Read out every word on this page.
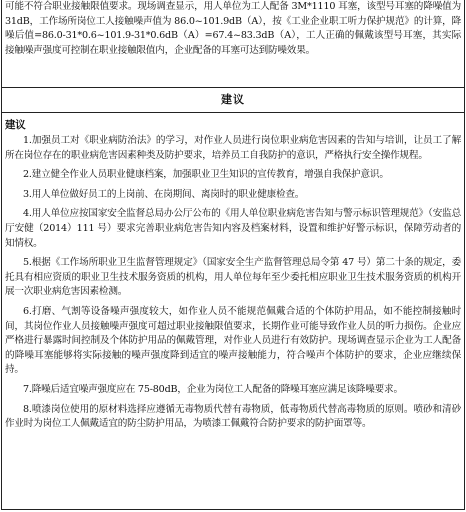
可能不符合职业接触限值要求。现场调查显示，用人单位为工人配备 3M*1110 耳塞，该型号耳塞的降噪值为 31dB，工作场所岗位工人接触噪声值为 86.0~101.9dB（A），按《工业企业职工听力保护规范》的计算，降噪后值=86.0-31*0.6~101.9-31*0.6dB（A）=67.4~83.3dB（A），工人正确的佩戴该型号耳塞，其实际接触噪声强度可控制在职业接触限值内，企业配备的耳塞可达到防噪效果。
建议
建议
1.加强员工对《职业病防治法》的学习，对作业人员进行岗位职业病危害因素的告知与培训，让员工了解所在岗位存在的职业病危害因素种类及防护要求，培养员工自我防护的意识，严格执行安全操作规程。
2.建立健全作业人员职业健康档案，加强职业卫生知识的宣传教育，增强自我保护意识。
3.用人单位做好员工的上岗前、在岗期间、离岗时的职业健康检查。
4.用人单位应按国家安全监督总局办公厅公布的《用人单位职业病危害告知与警示标识管理规范》（安监总厅安健（2014）111 号）要求完善职业病危害告知内容及档案材料，设置和维护好警示标识，保障劳动者的知情权。
5.根据《工作场所职业卫生监督管理规定》（国家安全生产监督管理总局令第 47 号）第二十条的规定，委托具有相应资质的职业卫生技术服务资质的机构，用人单位每年至少委托相应职业卫生技术服务资质的机构开展一次职业病危害因素检测。
6.打磨、气割等设备噪声强度较大，如作业人员不能规范佩戴合适的个体防护用品，如不能控制接触时间，其岗位作业人员接触噪声强度可超过职业接触限值要求，长期作业可能导致作业人员的听力损伤。企业应严格进行暴露时间控制及个体防护用品的佩戴管理，对作业人员进行有效防护。现场调查显示企业为工人配备的降噪耳塞能够将实际接触的噪声强度降到适宜的噪声接触能力，符合噪声个体防护的要求，企业应继续保持。
7.降噪后适宜噪声强度应在 75-80dB，企业为岗位工人配备的降噪耳塞应满足该降噪要求。
8.喷漆岗位使用的原材料选择应遵循无毒物质代替有毒物质，低毒物质代替高毒物质的原则。喷砂和清砂作业时为岗位工人佩戴适宜的防尘防护用品，为喷漆工佩戴符合防护要求的防护面罩等。
